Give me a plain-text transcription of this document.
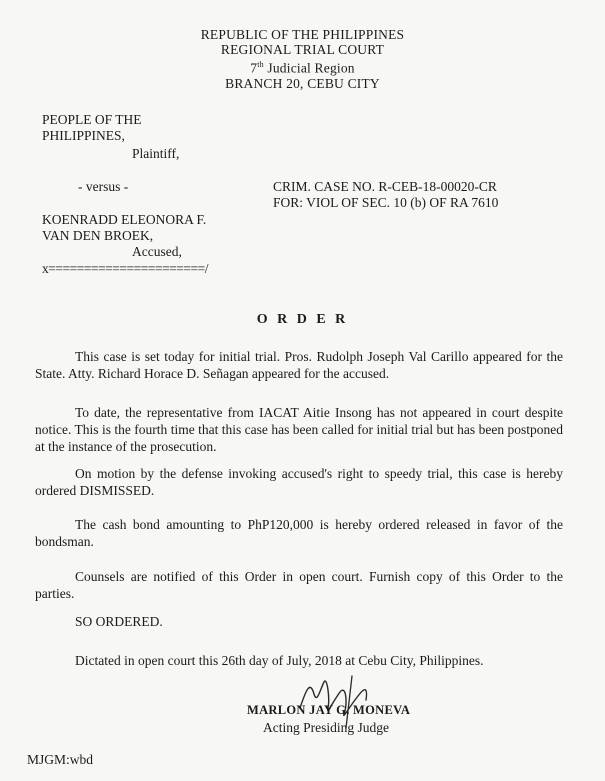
REPUBLIC OF THE PHILIPPINES
REGIONAL TRIAL COURT
7th Judicial Region
BRANCH 20, CEBU CITY
PEOPLE OF THE
PHILIPPINES,
Plaintiff,
- versus -	CRIM. CASE NO. R-CEB-18-00020-CR
FOR: VIOL OF SEC. 10 (b) OF RA 7610
KOENRADD ELEONORA F.
VAN DEN BROEK,
Accused,
x======================/
O R D E R
This case is set today for initial trial. Pros. Rudolph Joseph Val Carillo appeared for the State. Atty. Richard Horace D. Señagan appeared for the accused.
To date, the representative from IACAT Aitie Insong has not appeared in court despite notice. This is the fourth time that this case has been called for initial trial but has been postponed at the instance of the prosecution.
On motion by the defense invoking accused's right to speedy trial, this case is hereby ordered DISMISSED.
The cash bond amounting to PhP120,000 is hereby ordered released in favor of the bondsman.
Counsels are notified of this Order in open court. Furnish copy of this Order to the parties.
SO ORDERED.
Dictated in open court this 26th day of July, 2018 at Cebu City, Philippines.
MARLON JAY G. MONEVA
Acting Presiding Judge
MJGM:wbd
